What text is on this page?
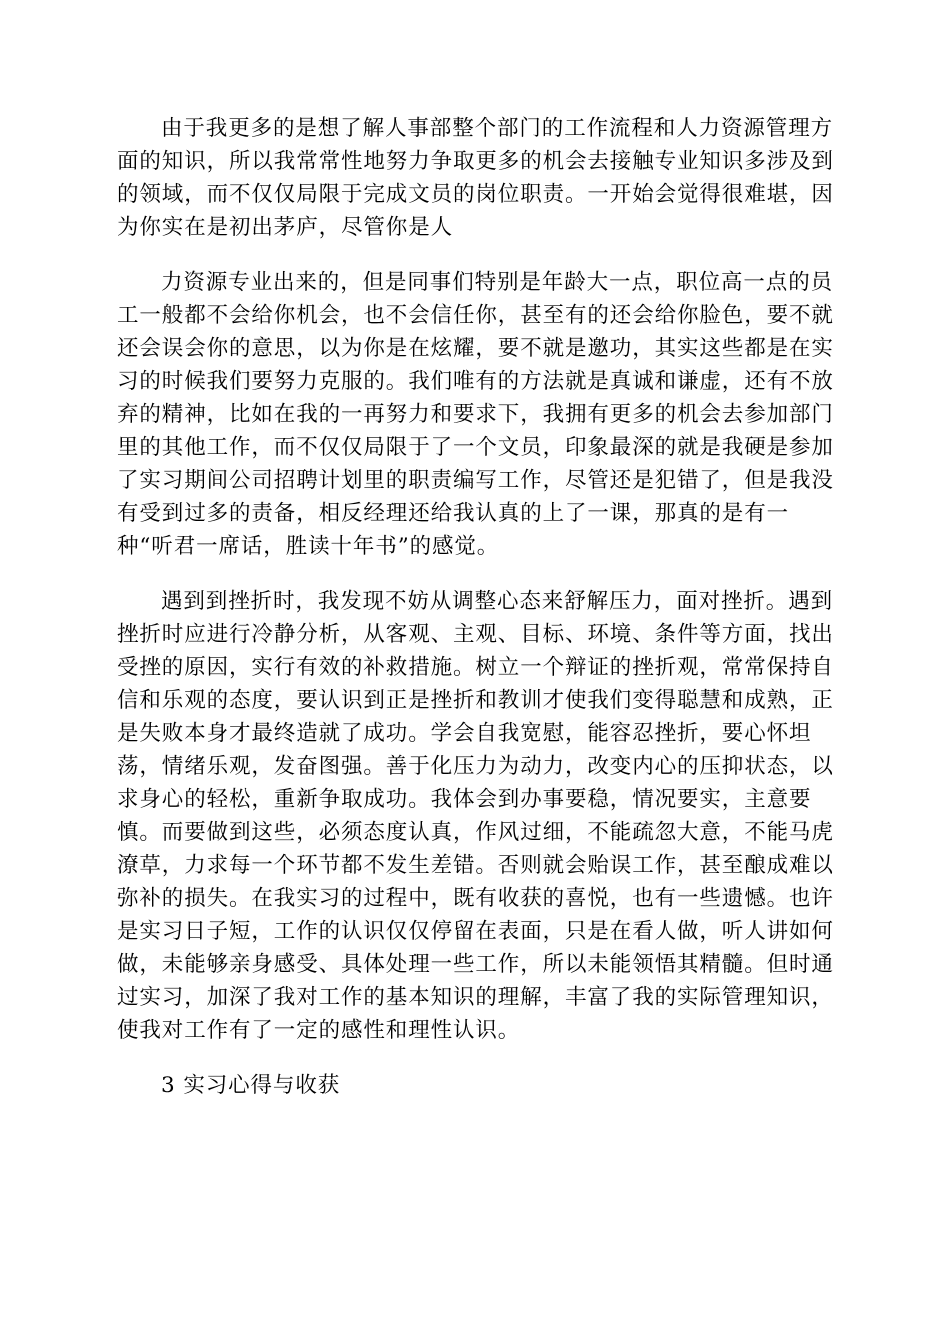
由于我更多的是想了解人事部整个部门的工作流程和人力资源管理方
面的知识，所以我常常性地努力争取更多的机会去接触专业知识多涉及到
的领域，而不仅仅局限于完成文员的岗位职责。一开始会觉得很难堪，因
为你实在是初出茅庐，尽管你是人
力资源专业出来的，但是同事们特别是年龄大一点，职位高一点的员
工一般都不会给你机会，也不会信任你，甚至有的还会给你脸色，要不就
还会误会你的意思，以为你是在炫耀，要不就是邀功，其实这些都是在实
习的时候我们要努力克服的。我们唯有的方法就是真诚和谦虚，还有不放
弃的精神，比如在我的一再努力和要求下，我拥有更多的机会去参加部门
里的其他工作，而不仅仅局限于了一个文员，印象最深的就是我硬是参加
了实习期间公司招聘计划里的职责编写工作，尽管还是犯错了，但是我没
有受到过多的责备，相反经理还给我认真的上了一课，那真的是有一
种“听君一席话，胜读十年书”的感觉。
遇到到挫折时，我发现不妨从调整心态来舒解压力，面对挫折。遇到
挫折时应进行冷静分析，从客观、主观、目标、环境、条件等方面，找出
受挫的原因，实行有效的补救措施。树立一个辩证的挫折观，常常保持自
信和乐观的态度，要认识到正是挫折和教训才使我们变得聪慧和成熟，正
是失败本身才最终造就了成功。学会自我宽慰，能容忍挫折，要心怀坦
荡，情绪乐观，发奋图强。善于化压力为动力，改变内心的压抑状态，以
求身心的轻松，重新争取成功。我体会到办事要稳，情况要实，主意要
慎。而要做到这些，必须态度认真，作风过细，不能疏忽大意，不能马虎
潦草，力求每一个环节都不发生差错。否则就会贻误工作，甚至酿成难以
弥补的损失。在我实习的过程中，既有收获的喜悦，也有一些遗憾。也许
是实习日子短，工作的认识仅仅停留在表面，只是在看人做，听人讲如何
做，未能够亲身感受、具体处理一些工作，所以未能领悟其精髓。但时通
过实习，加深了我对工作的基本知识的理解，丰富了我的实际管理知识，
使我对工作有了一定的感性和理性认识。
3 实习心得与收获
